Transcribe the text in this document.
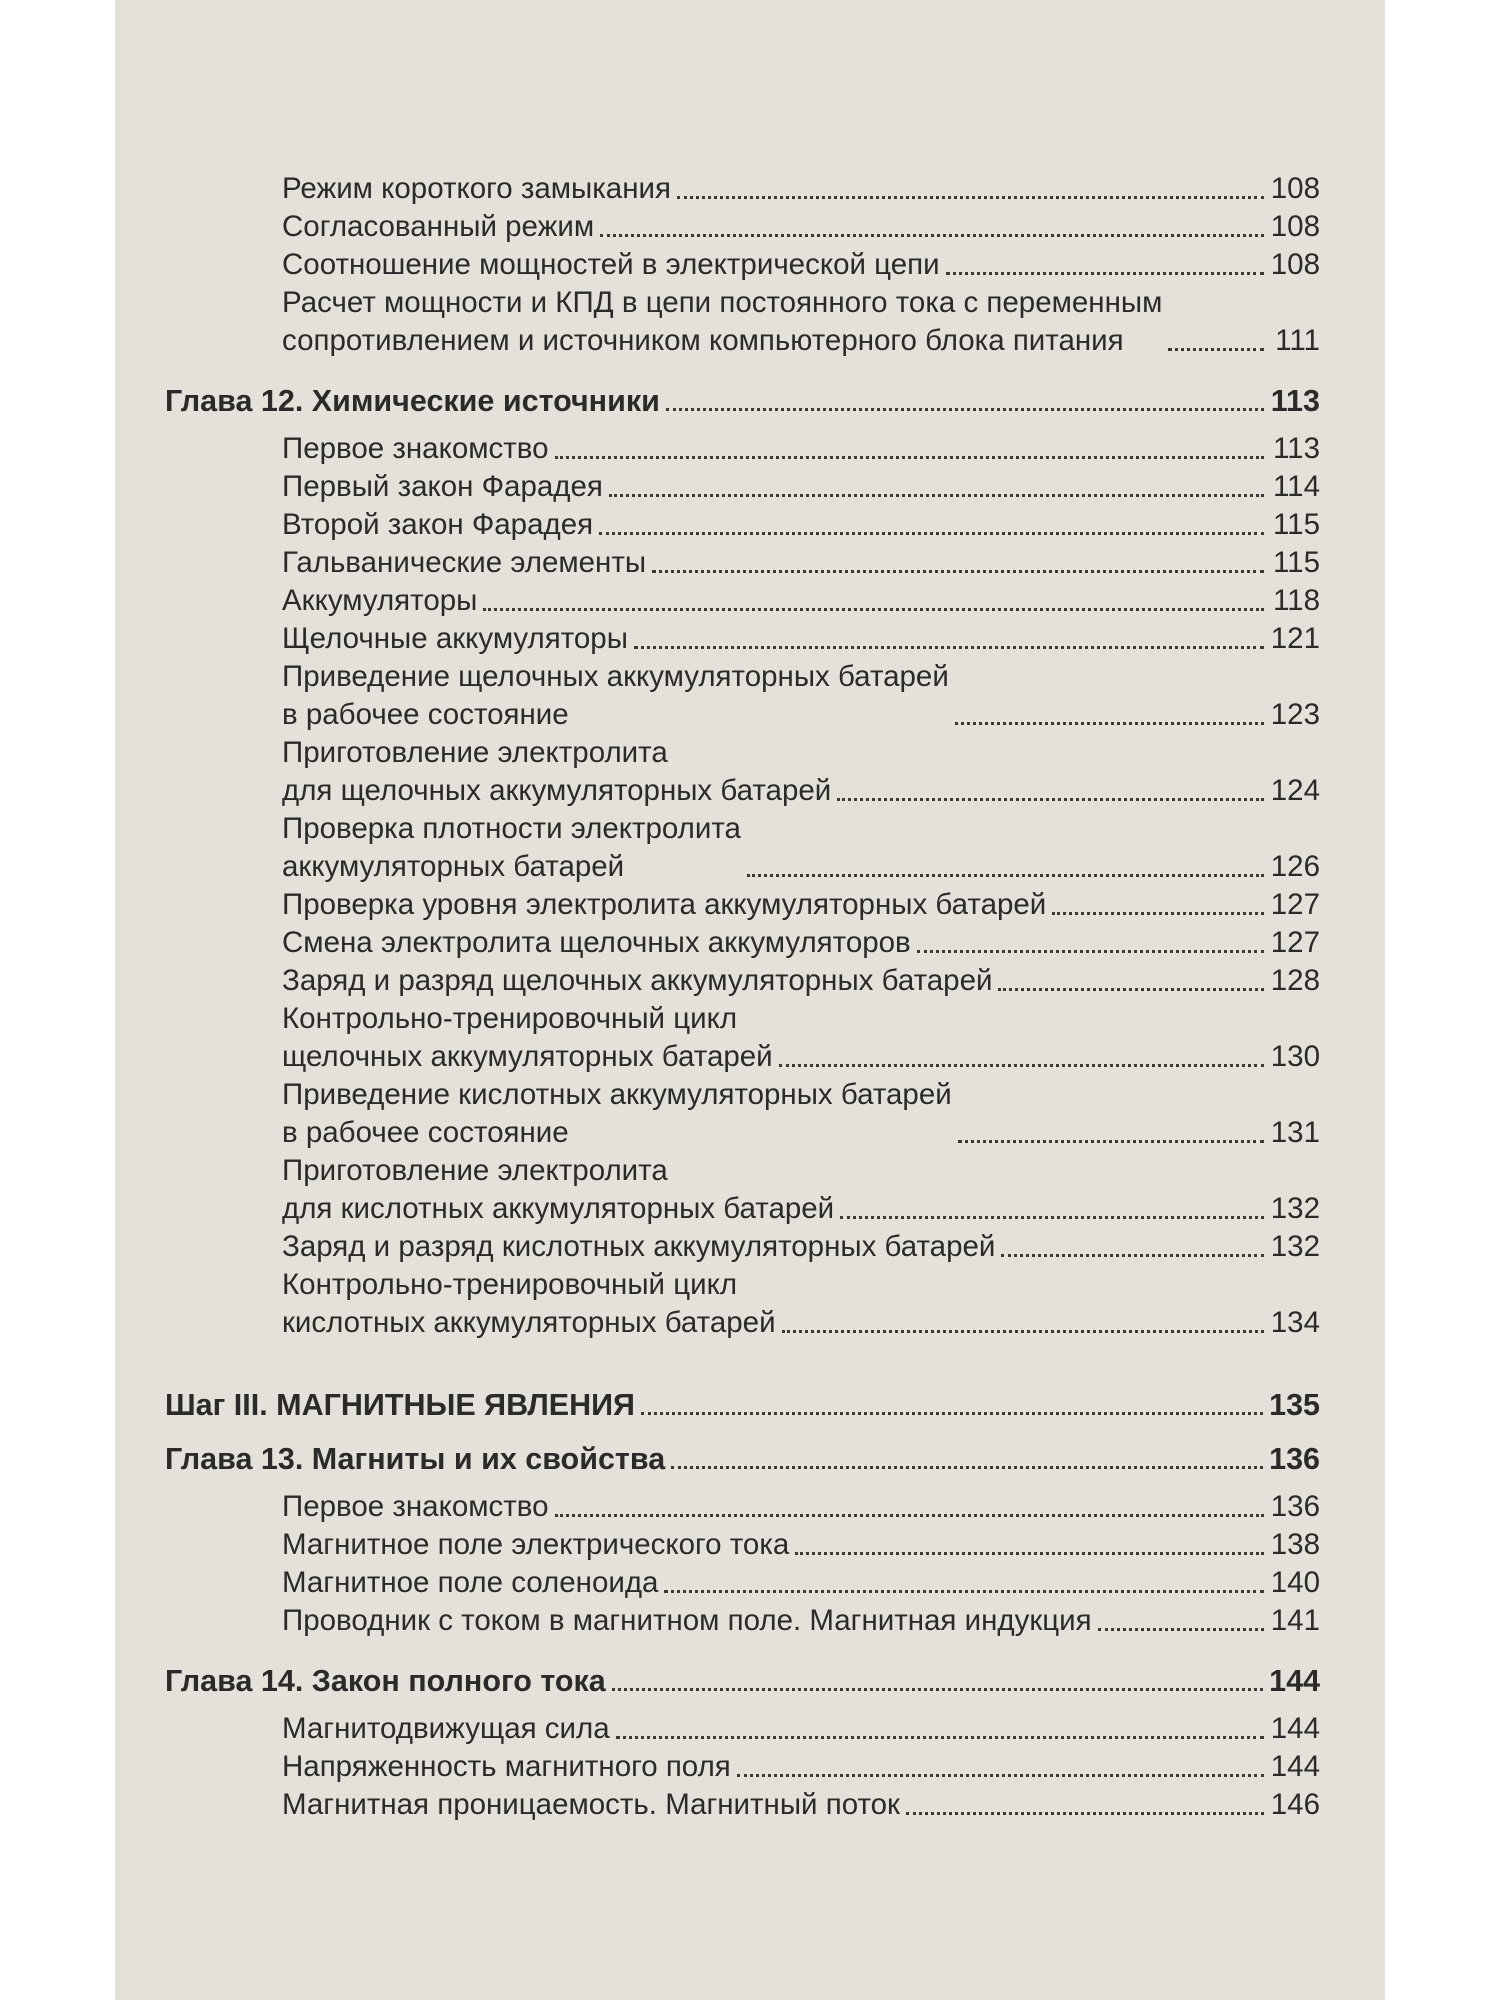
Режим короткого замыкания	108
Согласованный режим	108
Соотношение мощностей в электрической цепи	108
Расчет мощности и КПД в цепи постоянного тока с переменным
сопротивлением и источником компьютерного блока питания	111
Глава 12. Химические источники	113
Первое знакомство	113
Первый закон Фарадея	114
Второй закон Фарадея	115
Гальванические элементы	115
Аккумуляторы	118
Щелочные аккумуляторы	121
Приведение щелочных аккумуляторных батарей
в рабочее состояние	123
Приготовление электролита
для щелочных аккумуляторных батарей	124
Проверка плотности электролита
аккумуляторных батарей	126
Проверка уровня электролита аккумуляторных батарей	127
Смена электролита щелочных аккумуляторов	127
Заряд и разряд щелочных аккумуляторных батарей	128
Контрольно-тренировочный цикл
щелочных аккумуляторных батарей	130
Приведение кислотных аккумуляторных батарей
в рабочее состояние	131
Приготовление электролита
для кислотных аккумуляторных батарей	132
Заряд и разряд кислотных аккумуляторных батарей	132
Контрольно-тренировочный цикл
кислотных аккумуляторных батарей	134
Шаг III. МАГНИТНЫЕ ЯВЛЕНИЯ	135
Глава 13. Магниты и их свойства	136
Первое знакомство	136
Магнитное поле электрического тока	138
Магнитное поле соленоида	140
Проводник с током в магнитном поле. Магнитная индукция	141
Глава 14. Закон полного тока	144
Магнитодвижущая сила	144
Напряженность магнитного поля	144
Магнитная проницаемость. Магнитный поток	146
